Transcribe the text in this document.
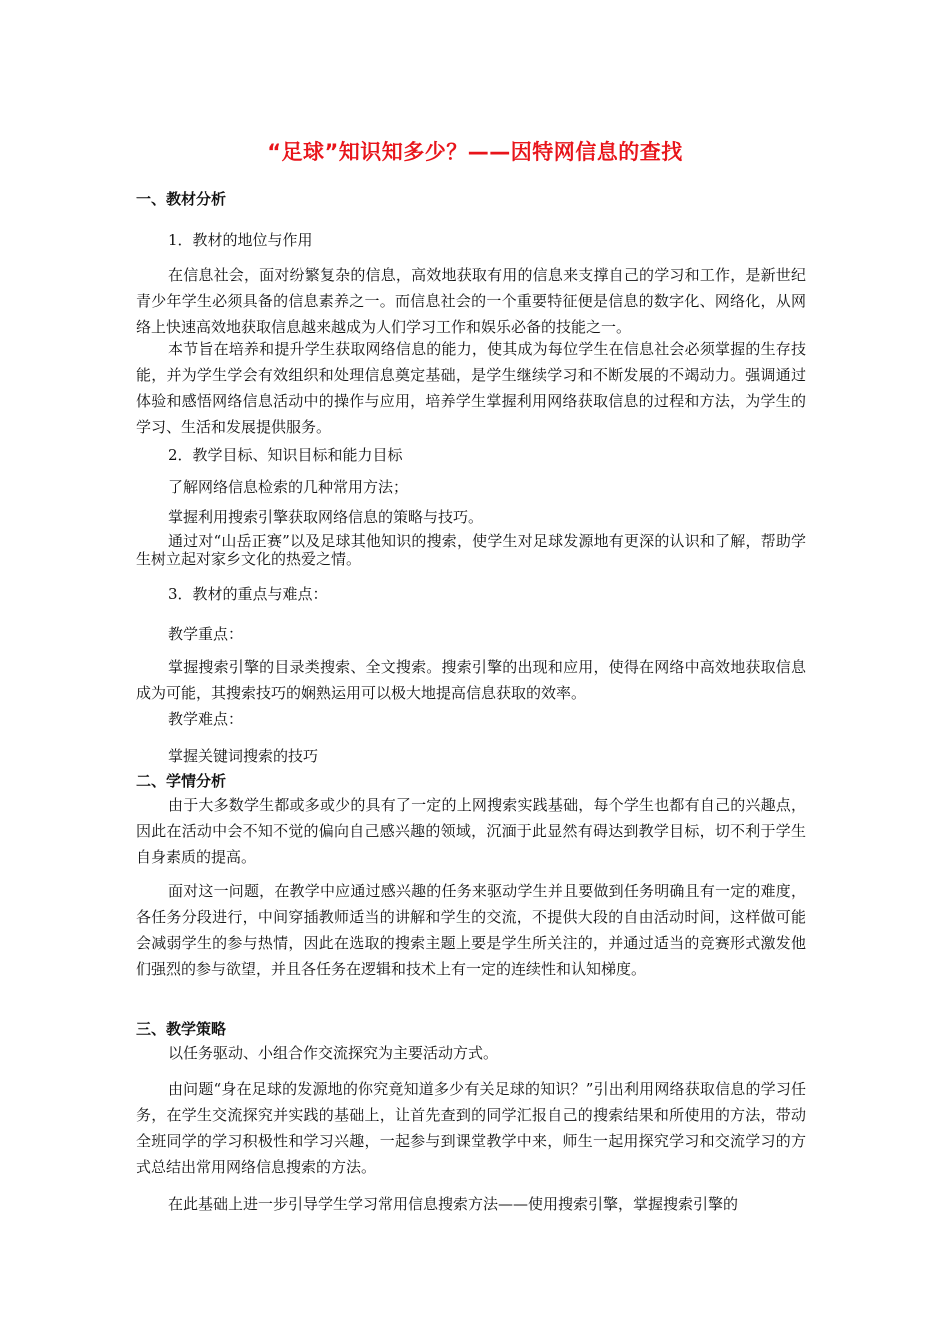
“足球”知识知多少？——因特网信息的查找
一、教材分析
1．教材的地位与作用
在信息社会，面对纷繁复杂的信息，高效地获取有用的信息来支撑自己的学习和工作，是新世纪青少年学生必须具备的信息素养之一。而信息社会的一个重要特征便是信息的数字化、网络化，从网络上快速高效地获取信息越来越成为人们学习工作和娱乐必备的技能之一。
本节旨在培养和提升学生获取网络信息的能力，使其成为每位学生在信息社会必须掌握的生存技能，并为学生学会有效组织和处理信息奠定基础，是学生继续学习和不断发展的不竭动力。强调通过体验和感悟网络信息活动中的操作与应用，培养学生掌握利用网络获取信息的过程和方法，为学生的学习、生活和发展提供服务。
2．教学目标、知识目标和能力目标
了解网络信息检索的几种常用方法；
掌握利用搜索引擎获取网络信息的策略与技巧。
通过对“山岳正赛”以及足球其他知识的搜索，使学生对足球发源地有更深的认识和了解，帮助学生树立起对家乡文化的热爱之情。
3．教材的重点与难点：
教学重点：
掌握搜索引擎的目录类搜索、全文搜索。搜索引擎的出现和应用，使得在网络中高效地获取信息成为可能，其搜索技巧的娴熟运用可以极大地提高信息获取的效率。
教学难点：
掌握关键词搜索的技巧
二、学情分析
由于大多数学生都或多或少的具有了一定的上网搜索实践基础，每个学生也都有自己的兴趣点，因此在活动中会不知不觉的偏向自己感兴趣的领域，沉湎于此显然有碍达到教学目标，切不利于学生自身素质的提高。
面对这一问题，在教学中应通过感兴趣的任务来驱动学生并且要做到任务明确且有一定的难度，各任务分段进行，中间穿插教师适当的讲解和学生的交流，不提供大段的自由活动时间，这样做可能会减弱学生的参与热情，因此在选取的搜索主题上要是学生所关注的，并通过适当的竞赛形式激发他们强烈的参与欲望，并且各任务在逻辑和技术上有一定的连续性和认知梯度。
三、教学策略
以任务驱动、小组合作交流探究为主要活动方式。
由问题“身在足球的发源地的你究竟知道多少有关足球的知识？”引出利用网络获取信息的学习任务，在学生交流探究并实践的基础上，让首先查到的同学汇报自己的搜索结果和所使用的方法，带动全班同学的学习积极性和学习兴趣，一起参与到课堂教学中来，师生一起用探究学习和交流学习的方式总结出常用网络信息搜索的方法。
在此基础上进一步引导学生学习常用信息搜索方法——使用搜索引擎，掌握搜索引擎的
